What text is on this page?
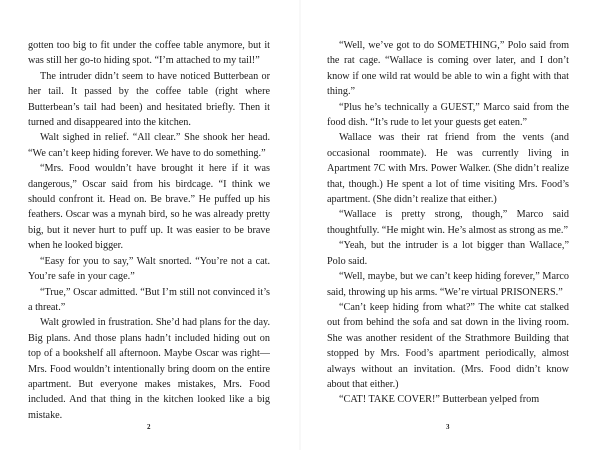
gotten too big to fit under the coffee table anymore, but it was still her go-to hiding spot. “I’m attached to my tail!”

The intruder didn’t seem to have noticed Butterbean or her tail. It passed by the coffee table (right where Butterbean’s tail had been) and hesitated briefly. Then it turned and disappeared into the kitchen.

Walt sighed in relief. “All clear.” She shook her head. “We can’t keep hiding forever. We have to do something.”

“Mrs. Food wouldn’t have brought it here if it was dangerous,” Oscar said from his birdcage. “I think we should confront it. Head on. Be brave.” He puffed up his feathers. Oscar was a mynah bird, so he was already pretty big, but it never hurt to puff up. It was easier to be brave when he looked bigger.

“Easy for you to say,” Walt snorted. “You’re not a cat. You’re safe in your cage.”

“True,” Oscar admitted. “But I’m still not convinced it’s a threat.”

Walt growled in frustration. She’d had plans for the day. Big plans. And those plans hadn’t included hiding out on top of a bookshelf all afternoon. Maybe Oscar was right—Mrs. Food wouldn’t intentionally bring doom on the entire apartment. But everyone makes mistakes, Mrs. Food included. And that thing in the kitchen looked like a big mistake.

2

“Well, we’ve got to do SOMETHING,” Polo said from the rat cage. “Wallace is coming over later, and I don’t know if one wild rat would be able to win a fight with that thing.”

“Plus he’s technically a GUEST,” Marco said from the food dish. “It’s rude to let your guests get eaten.”

Wallace was their rat friend from the vents (and occasional roommate). He was currently living in Apartment 7C with Mrs. Power Walker. (She didn’t realize that, though.) He spent a lot of time visiting Mrs. Food’s apartment. (She didn’t realize that either.)

“Wallace is pretty strong, though,” Marco said thoughtfully. “He might win. He’s almost as strong as me.”

“Yeah, but the intruder is a lot bigger than Wallace,” Polo said.

“Well, maybe, but we can’t keep hiding forever,” Marco said, throwing up his arms. “We’re virtual PRISONERS.”

“Can’t keep hiding from what?” The white cat stalked out from behind the sofa and sat down in the living room. She was another resident of the Strathmore Building that stopped by Mrs. Food’s apartment periodically, almost always without an invitation. (Mrs. Food didn’t know about that either.)

“CAT! TAKE COVER!” Butterbean yelped from

3
